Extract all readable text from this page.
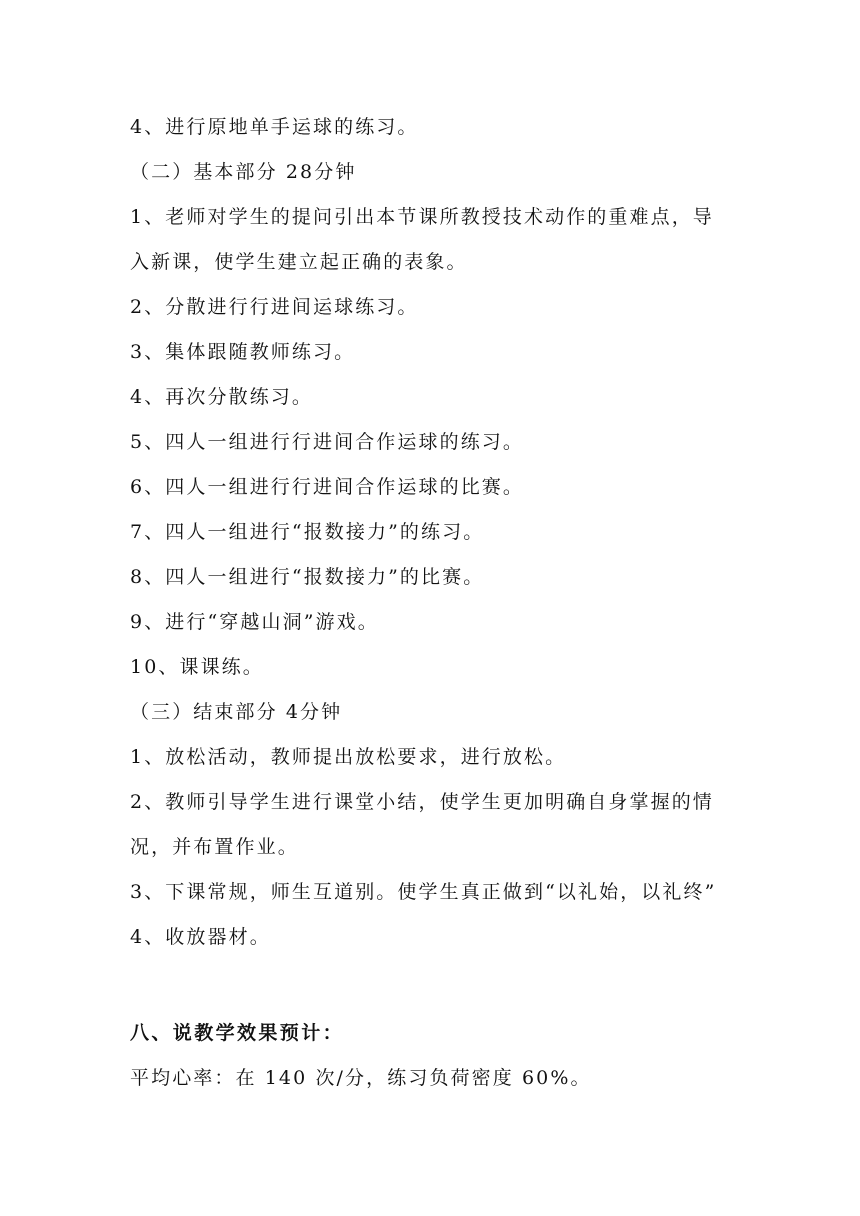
4、进行原地单手运球的练习。
（二）基本部分 28分钟
1、老师对学生的提问引出本节课所教授技术动作的重难点，导
入新课，使学生建立起正确的表象。
2、分散进行行进间运球练习。
3、集体跟随教师练习。
4、再次分散练习。
5、四人一组进行行进间合作运球的练习。
6、四人一组进行行进间合作运球的比赛。
7、四人一组进行“报数接力”的练习。
8、四人一组进行“报数接力”的比赛。
9、进行“穿越山洞”游戏。
10、课课练。
（三）结束部分 4分钟
1、放松活动，教师提出放松要求，进行放松。
2、教师引导学生进行课堂小结，使学生更加明确自身掌握的情
况，并布置作业。
3、下课常规，师生互道别。使学生真正做到“以礼始，以礼终”
4、收放器材。
八、说教学效果预计：
平均心率：在 140 次/分，练习负荷密度 60%。
